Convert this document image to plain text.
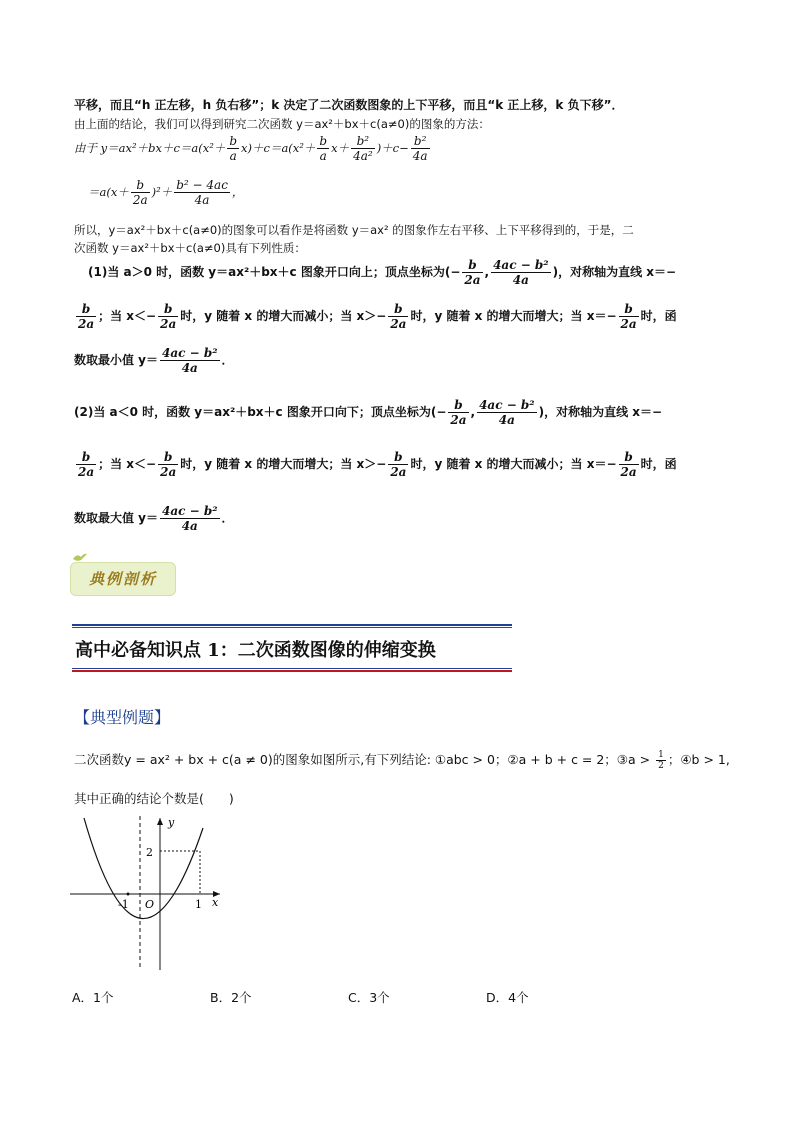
平移，而且“h 正左移，h 负右移”；k 决定了二次函数图象的上下平移，而且“k 正上移，k 负下移”．
由上面的结论，我们可以得到研究二次函数 y＝ax²＋bx＋c(a≠0)的图象的方法：
由于 $y=ax^2+bx+c=a(x^2+ \frac{b}{a} x)+c=a(x^2+ \frac{b}{a} x+ \frac{\text{b²}}{\text{4a²}} )+c- \frac{\text{b²}}{4a}$
$=a(x+ \frac{b}{2a} )^2+ \frac{\text{b² − 4ac}}{4a}$ ，
所以，y＝ax²＋bx＋c(a≠0)的图象可以看作是将函数 y＝ax² 的图象作左右平移、上下平移得到的，于是，二
次函数 y＝ax²＋bx＋c(a≠0)具有下列性质：
(1)当 a＞0 时，函数 y＝ax²＋bx＋c 图象开口向上；顶点坐标为(− $\frac{b}{2a}$ , $\frac{\text{4ac − b²}}{4a}$ )，对称轴为直线 x＝−
$\frac{b}{2a}$ ；当 $x<- \frac{b}{2a}$ 时，y 随着 x 的增大而减小；当 $x>- \frac{b}{2a}$ 时，y 随着 x 的增大而增大；当 $x=- \frac{b}{2a}$ 时，函
数取最小值 $y= \frac{\text{4ac − b²}}{4a}$ ．
(2)当 a＜0 时，函数 y＝ax²＋bx＋c 图象开口向下；顶点坐标为(− $\frac{b}{2a}$ , $\frac{\text{4ac − b²}}{4a}$ )，对称轴为直线 x＝−
$\frac{b}{2a}$ ；当 $x<- \frac{b}{2a}$ 时，y 随着 x 的增大而增大；当 $x>- \frac{b}{2a}$ 时，y 随着 x 的增大而减小；当 $x=- \frac{b}{2a}$ 时，函
数取最大值 $y= \frac{\text{4ac − b²}}{4a}$ ．
典例剖析
高中必备知识点 1：二次函数图像的伸缩变换
【典型例题】
二次函数y = ax² + bx + c(a ≠ 0)的图象如图所示,有下列结论: ①abc > 0；②a + b + c = 2；③a > $\frac{1}{2}$ ；④b > 1,
其中正确的结论个数是(　　)
y
x
O
2
-1	1
A．1个	B．2个	C．3个	D．4个
